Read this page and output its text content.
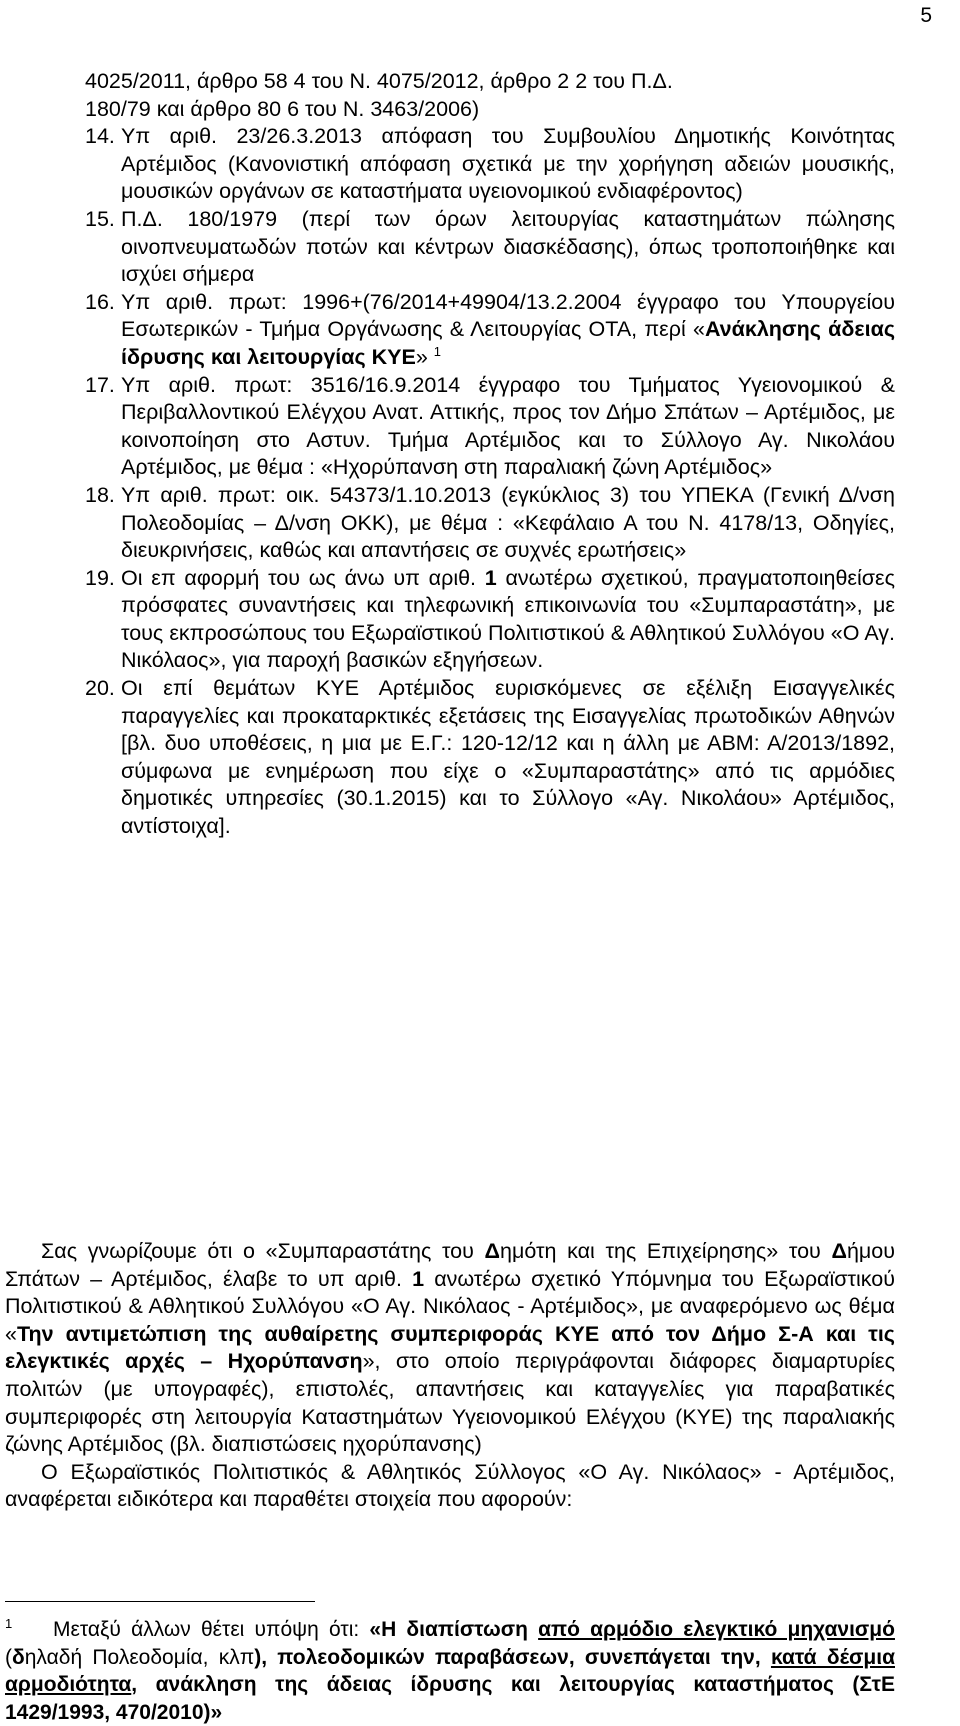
5
4025/2011, άρθρο 58 4 του Ν. 4075/2012, άρθρο 2 2 του Π.Δ.
180/79 και άρθρο 80 6 του Ν. 3463/2006)
14. Υπ αριθ. 23/26.3.2013 απόφαση του Συμβουλίου Δημοτικής Κοινότητας Αρτέμιδος (Κανονιστική απόφαση σχετικά με την χορήγηση αδειών μουσικής, μουσικών οργάνων σε καταστήματα υγειονομικού ενδιαφέροντος)
15. Π.Δ. 180/1979 (περί των όρων λειτουργίας καταστημάτων πώλησης οινοπνευματωδών ποτών και κέντρων διασκέδασης), όπως τροποποιήθηκε και ισχύει σήμερα
16. Υπ αριθ. πρωτ: 1996+(76/2014+49904/13.2.2004 έγγραφο του Υπουργείου Εσωτερικών - Τμήμα Οργάνωσης & Λειτουργίας ΟΤΑ, περί «Ανάκλησης άδειας ίδρυσης και λειτουργίας ΚΥΕ» $^1$
17. Υπ αριθ. πρωτ: 3516/16.9.2014 έγγραφο του Τμήματος Υγειονομικού & Περιβαλλοντικού Ελέγχου Ανατ. Αττικής, προς τον Δήμο Σπάτων – Αρτέμιδος, με κοινοποίηση στο Αστυν. Τμήμα Αρτέμιδος και το Σύλλογο Αγ. Νικολάου Αρτέμιδος, με θέμα : «Ηχορύπανση στη παραλιακή ζώνη Αρτέμιδος»
18. Υπ αριθ. πρωτ: οικ. 54373/1.10.2013 (εγκύκλιος 3) του ΥΠΕΚΑ (Γενική Δ/νση Πολεοδομίας – Δ/νση ΟΚΚ), με θέμα : «Κεφάλαιο Α του Ν. 4178/13, Οδηγίες, διευκρινήσεις, καθώς και απαντήσεις σε συχνές ερωτήσεις»
19. Οι επ αφορμή του ως άνω υπ αριθ. 1 ανωτέρω σχετικού, πραγματοποιηθείσες πρόσφατες συναντήσεις και τηλεφωνική επικοινωνία του «Συμπαραστάτη», με τους εκπροσώπους του Εξωραϊστικού Πολιτιστικού & Αθλητικού Συλλόγου «Ο Αγ. Νικόλαος», για παροχή βασικών εξηγήσεων.
20. Οι επί θεμάτων ΚΥΕ Αρτέμιδος ευρισκόμενες σε εξέλιξη Εισαγγελικές παραγγελίες και προκαταρκτικές εξετάσεις της Εισαγγελίας πρωτοδικών Αθηνών [βλ. δυο υποθέσεις, η μια με Ε.Γ.: 120-12/12 και η άλλη με ΑΒΜ: Α/2013/1892, σύμφωνα με ενημέρωση που είχε ο «Συμπαραστάτης» από τις αρμόδιες δημοτικές υπηρεσίες (30.1.2015) και το Σύλλογο «Αγ. Νικολάου» Αρτέμιδος, αντίστοιχα].
Σας γνωρίζουμε ότι ο «Συμπαραστάτης του Δημότη και της Επιχείρησης» του Δήμου Σπάτων – Αρτέμιδος, έλαβε το υπ αριθ. 1 ανωτέρω σχετικό Υπόμνημα του Εξωραϊστικού Πολιτιστικού & Αθλητικού Συλλόγου «Ο Αγ. Νικόλαος - Αρτέμιδος», με αναφερόμενο ως θέμα «Την αντιμετώπιση της αυθαίρετης συμπεριφοράς ΚΥΕ από τον Δήμο Σ-Α και τις ελεγκτικές αρχές – Ηχορύπανση», στο οποίο περιγράφονται διάφορες διαμαρτυρίες πολιτών (με υπογραφές), επιστολές, απαντήσεις και καταγγελίες για παραβατικές συμπεριφορές στη λειτουργία Καταστημάτων Υγειονομικού Ελέγχου (ΚΥΕ) της παραλιακής ζώνης Αρτέμιδος (βλ. διαπιστώσεις ηχορύπανσης)
Ο Εξωραϊστικός Πολιτιστικός & Αθλητικός Σύλλογος «Ο Αγ. Νικόλαος» - Αρτέμιδος, αναφέρεται ειδικότερα και παραθέτει στοιχεία που αφορούν:
$^1$ Μεταξύ άλλων θέτει υπόψη ότι: «Η διαπίστωση από αρμόδιο ελεγκτικό μηχανισμό (δηλαδή Πολεοδομία, κλπ), πολεοδομικών παραβάσεων, συνεπάγεται την, κατά δέσμια αρμοδιότητα, ανάκληση της άδειας ίδρυσης και λειτουργίας καταστήματος (ΣτΕ 1429/1993, 470/2010)»
